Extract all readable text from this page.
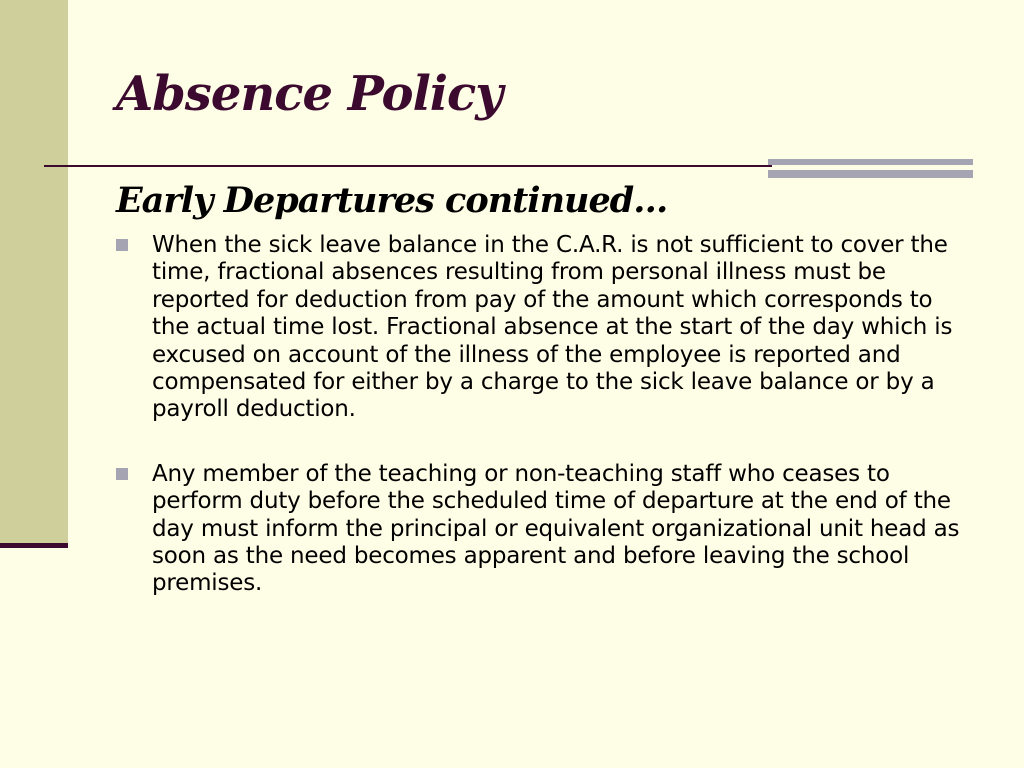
Absence Policy
Early Departures continued…
When the sick leave balance in the C.A.R. is not sufficient to cover the time, fractional absences resulting from personal illness must be reported for deduction from pay of the amount which corresponds to the actual time lost. Fractional absence at the start of the day which is excused on account of the illness of the employee is reported and compensated for either by a charge to the sick leave balance or by a payroll deduction.
Any member of the teaching or non-teaching staff who ceases to perform duty before the scheduled time of departure at the end of the day must inform the principal or equivalent organizational unit head as soon as the need becomes apparent and before leaving the school premises.
